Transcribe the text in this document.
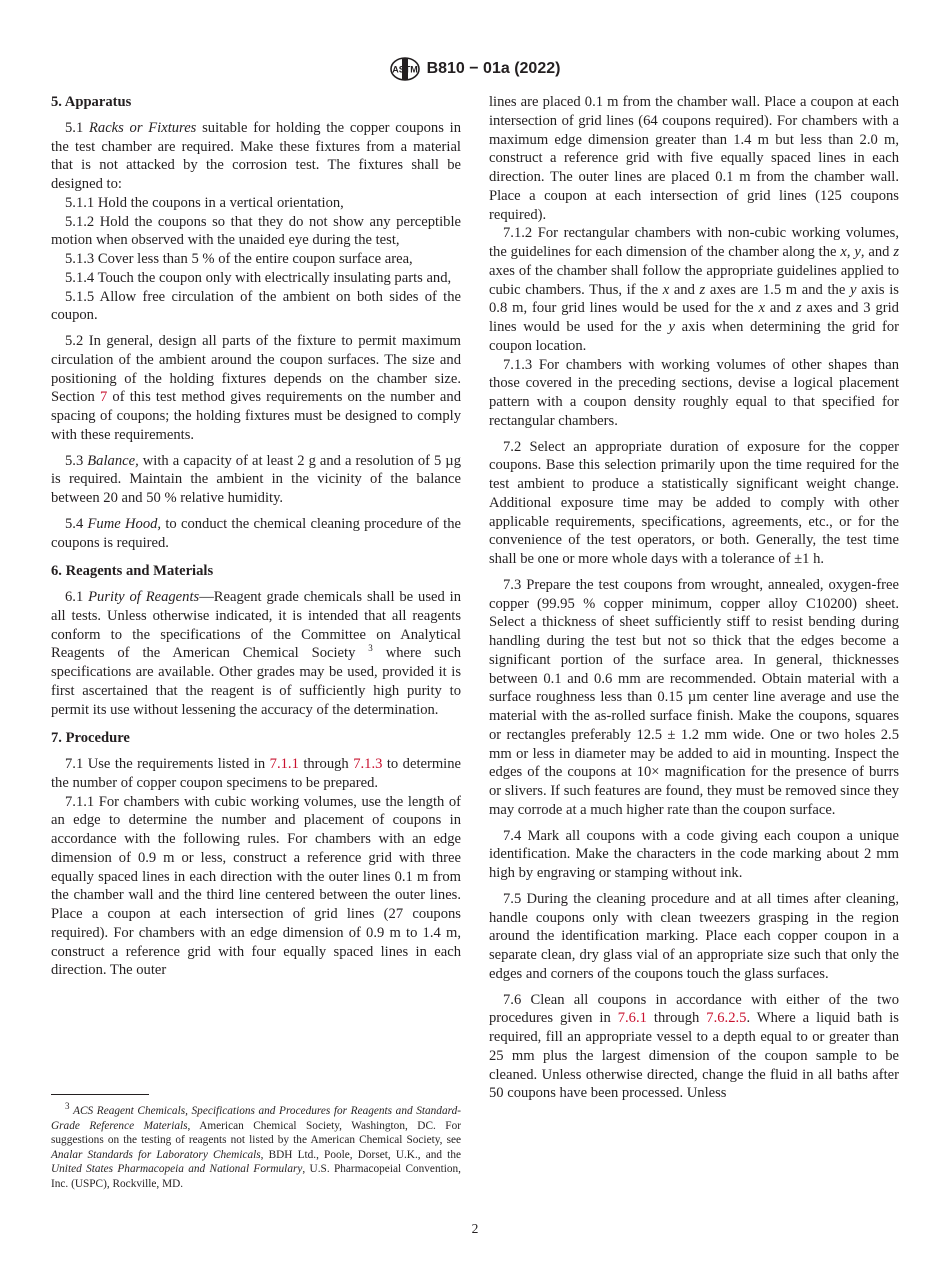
ASTM B810 − 01a (2022)
5. Apparatus

5.1 Racks or Fixtures suitable for holding the copper coupons in the test chamber are required. Make these fixtures from a material that is not attacked by the corrosion test. The fixtures shall be designed to:

5.1.1 Hold the coupons in a vertical orientation,

5.1.2 Hold the coupons so that they do not show any perceptible motion when observed with the unaided eye during the test,

5.1.3 Cover less than 5 % of the entire coupon surface area,

5.1.4 Touch the coupon only with electrically insulating parts and,

5.1.5 Allow free circulation of the ambient on both sides of the coupon.

5.2 In general, design all parts of the fixture to permit maximum circulation of the ambient around the coupon surfaces. The size and positioning of the holding fixtures depends on the chamber size. Section 7 of this test method gives requirements on the number and spacing of coupons; the holding fixtures must be designed to comply with these requirements.

5.3 Balance, with a capacity of at least 2 g and a resolution of 5 µg is required. Maintain the ambient in the vicinity of the balance between 20 and 50 % relative humidity.

5.4 Fume Hood, to conduct the chemical cleaning procedure of the coupons is required.

6. Reagents and Materials

6.1 Purity of Reagents—Reagent grade chemicals shall be used in all tests. Unless otherwise indicated, it is intended that all reagents conform to the specifications of the Committee on Analytical Reagents of the American Chemical Society $^3$ where such specifications are available. Other grades may be used, provided it is first ascertained that the reagent is of sufficiently high purity to permit its use without lessening the accuracy of the determination.

7. Procedure

7.1 Use the requirements listed in 7.1.1 through 7.1.3 to determine the number of copper coupon specimens to be prepared.

7.1.1 For chambers with cubic working volumes, use the length of an edge to determine the number and placement of coupons in accordance with the following rules. For chambers with an edge dimension of 0.9 m or less, construct a reference grid with three equally spaced lines in each direction with the outer lines 0.1 m from the chamber wall and the third line centered between the outer lines. Place a coupon at each intersection of grid lines (27 coupons required). For chambers with an edge dimension of 0.9 m to 1.4 m, construct a reference grid with four equally spaced lines in each direction. The outer

$^3$ ACS Reagent Chemicals, Specifications and Procedures for Reagents and Standard-Grade Reference Materials, American Chemical Society, Washington, DC. For suggestions on the testing of reagents not listed by the American Chemical Society, see Analar Standards for Laboratory Chemicals, BDH Ltd., Poole, Dorset, U.K., and the United States Pharmacopeia and National Formulary, U.S. Pharmacopeial Convention, Inc. (USPC), Rockville, MD.

lines are placed 0.1 m from the chamber wall. Place a coupon at each intersection of grid lines (64 coupons required). For chambers with a maximum edge dimension greater than 1.4 m but less than 2.0 m, construct a reference grid with five equally spaced lines in each direction. The outer lines are placed 0.1 m from the chamber wall. Place a coupon at each intersection of grid lines (125 coupons required).

7.1.2 For rectangular chambers with non-cubic working volumes, the guidelines for each dimension of the chamber along the x, y, and z axes of the chamber shall follow the appropriate guidelines applied to cubic chambers. Thus, if the x and z axes are 1.5 m and the y axis is 0.8 m, four grid lines would be used for the x and z axes and 3 grid lines would be used for the y axis when determining the grid for coupon location.

7.1.3 For chambers with working volumes of other shapes than those covered in the preceding sections, devise a logical placement pattern with a coupon density roughly equal to that specified for rectangular chambers.

7.2 Select an appropriate duration of exposure for the copper coupons. Base this selection primarily upon the time required for the test ambient to produce a statistically significant weight change. Additional exposure time may be added to comply with other applicable requirements, specifications, agreements, etc., or for the convenience of the test operators, or both. Generally, the test time shall be one or more whole days with a tolerance of ±1 h.

7.3 Prepare the test coupons from wrought, annealed, oxygen-free copper (99.95 % copper minimum, copper alloy C10200) sheet. Select a thickness of sheet sufficiently stiff to resist bending during handling during the test but not so thick that the edges become a significant portion of the surface area. In general, thicknesses between 0.1 and 0.6 mm are recommended. Obtain material with a surface roughness less than 0.15 µm center line average and use the material with the as-rolled surface finish. Make the coupons, squares or rectangles preferably 12.5 ± 1.2 mm wide. One or two holes 2.5 mm or less in diameter may be added to aid in mounting. Inspect the edges of the coupons at 10× magnification for the presence of burrs or slivers. If such features are found, they must be removed since they may corrode at a much higher rate than the coupon surface.

7.4 Mark all coupons with a code giving each coupon a unique identification. Make the characters in the code marking about 2 mm high by engraving or stamping without ink.

7.5 During the cleaning procedure and at all times after cleaning, handle coupons only with clean tweezers grasping in the region around the identification marking. Place each copper coupon in a separate clean, dry glass vial of an appropriate size such that only the edges and corners of the coupons touch the glass surfaces.

7.6 Clean all coupons in accordance with either of the two procedures given in 7.6.1 through 7.6.2.5. Where a liquid bath is required, fill an appropriate vessel to a depth equal to or greater than 25 mm plus the largest dimension of the coupon sample to be cleaned. Unless otherwise directed, change the fluid in all baths after 50 coupons have been processed. Unless

2
